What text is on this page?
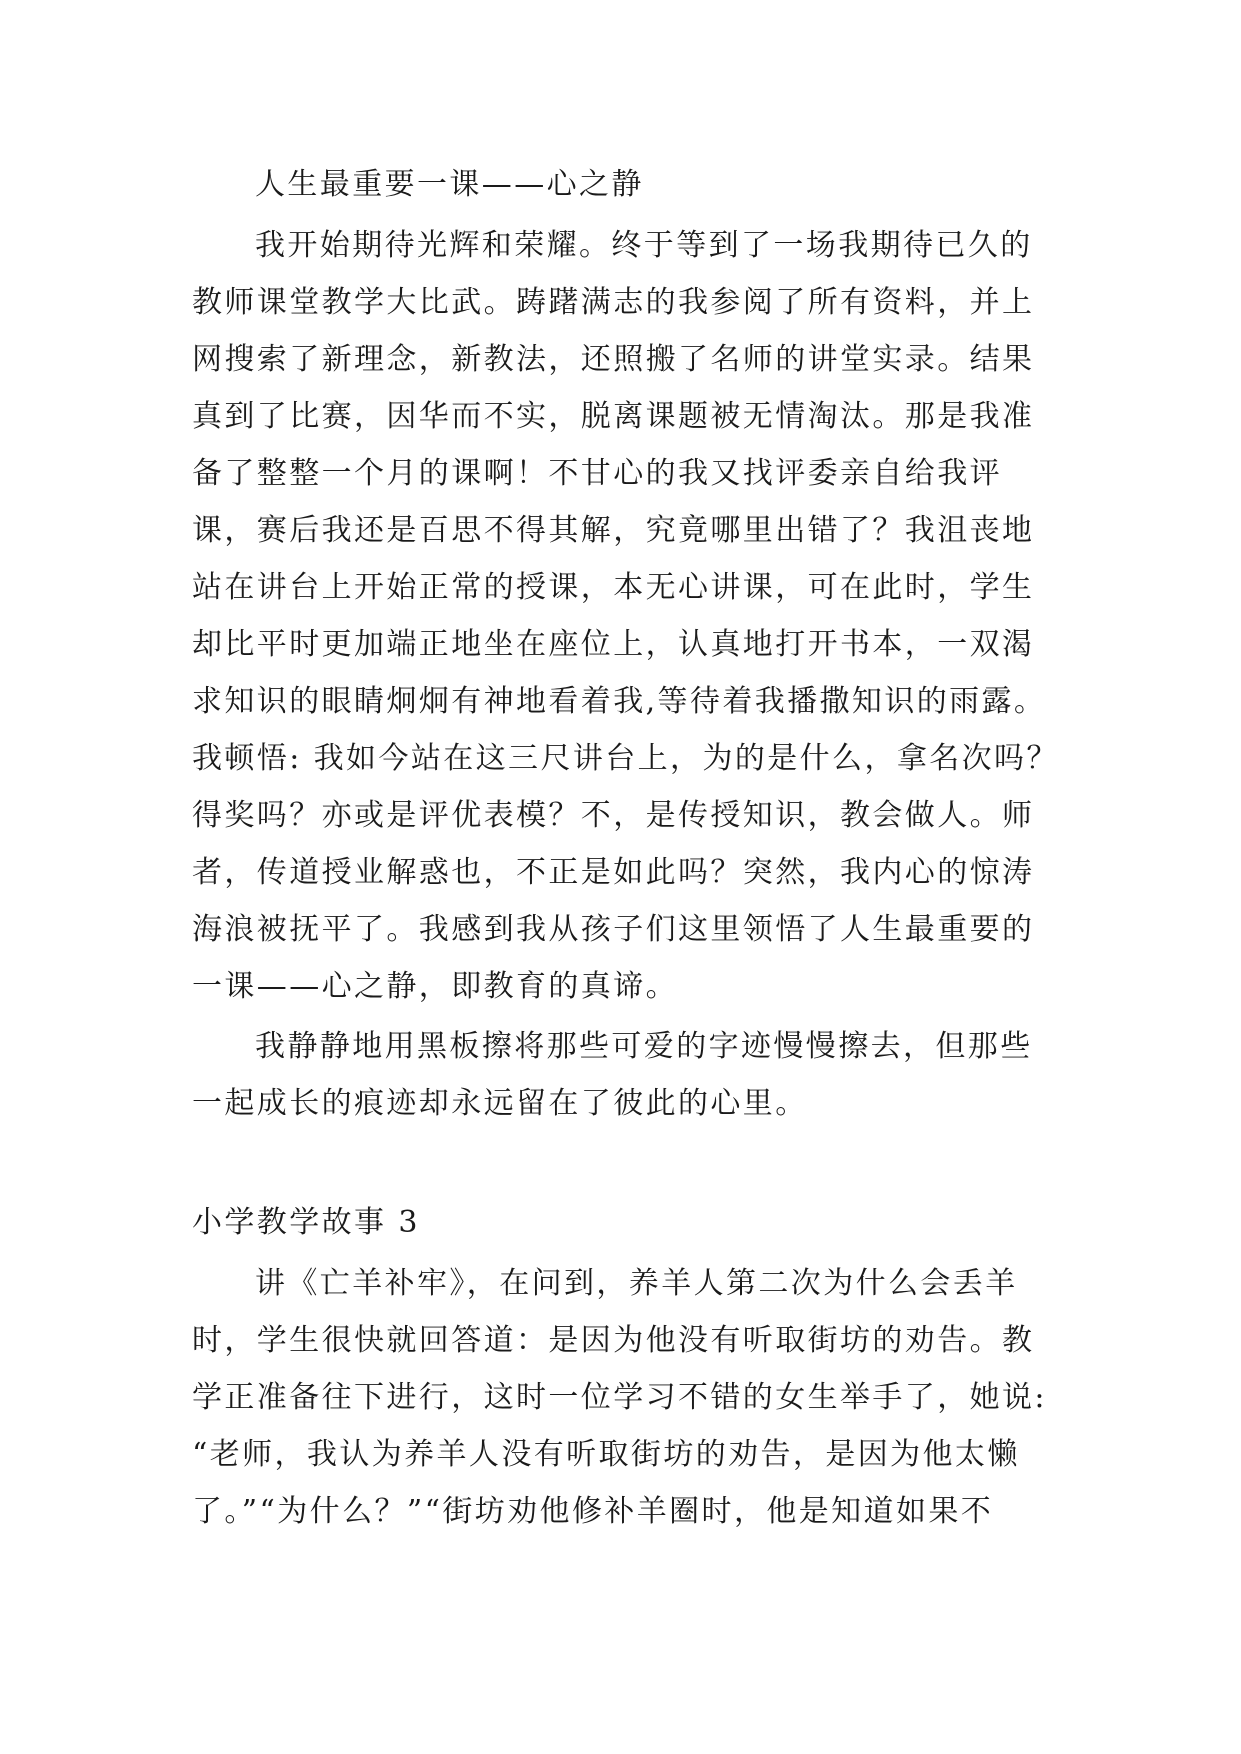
人生最重要一课——心之静
我开始期待光辉和荣耀。终于等到了一场我期待已久的
教师课堂教学大比武。踌躇满志的我参阅了所有资料，并上
网搜索了新理念，新教法，还照搬了名师的讲堂实录。结果
真到了比赛，因华而不实，脱离课题被无情淘汰。那是我准
备了整整一个月的课啊！不甘心的我又找评委亲自给我评
课，赛后我还是百思不得其解，究竟哪里出错了？我沮丧地
站在讲台上开始正常的授课，本无心讲课，可在此时，学生
却比平时更加端正地坐在座位上，认真地打开书本，一双渴
求知识的眼睛炯炯有神地看着我,等待着我播撒知识的雨露。
我顿悟: 我如今站在这三尺讲台上，为的是什么，拿名次吗？
得奖吗？亦或是评优表模？不，是传授知识，教会做人。师
者，传道授业解惑也，不正是如此吗？突然，我内心的惊涛
海浪被抚平了。我感到我从孩子们这里领悟了人生最重要的
一课——心之静，即教育的真谛。
我静静地用黑板擦将那些可爱的字迹慢慢擦去，但那些
一起成长的痕迹却永远留在了彼此的心里。
小学教学故事 3
讲《亡羊补牢》，在问到，养羊人第二次为什么会丢羊
时，学生很快就回答道：是因为他没有听取街坊的劝告。教
学正准备往下进行，这时一位学习不错的女生举手了，她说:
“老师，我认为养羊人没有听取街坊的劝告，是因为他太懒
了。”“为什么？”“街坊劝他修补羊圈时，他是知道如果不
